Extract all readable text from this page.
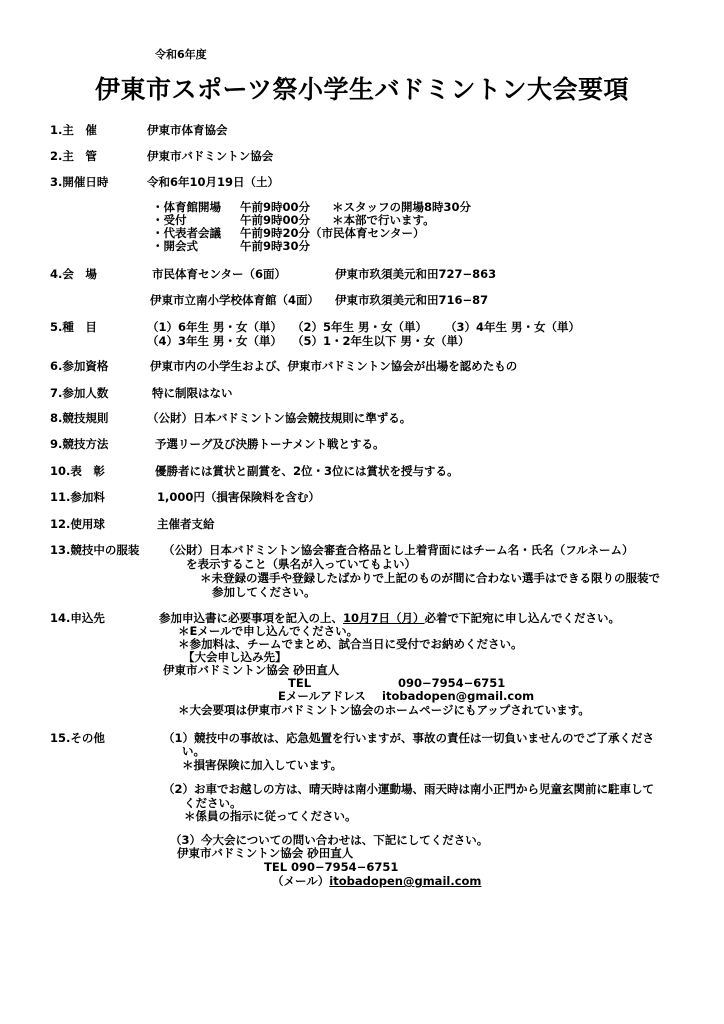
令和6年度
伊東市スポーツ祭小学生バドミントン大会要項
1.主　催	伊東市体育協会
2.主　管	伊東市バドミントン協会
3.開催日時	令和6年10月19日（土）
・体育館開場 午前9時00分 ＊スタッフの開場8時30分
・受付	午前9時00分 ＊本部で行います。
・代表者会議 午前9時20分（市民体育センター）
・開会式	午前9時30分
4.会　場	市民体育センター（6面）	伊東市玖須美元和田727−863
伊東市立南小学校体育館（4面） 伊東市玖須美元和田716−87
5.種　目	（1）6年生 男・女（単） （2）5年生 男・女（単） （3）4年生 男・女（単）
（4）3年生 男・女（単） （5）1・2年生以下 男・女（単）
6.参加資格	伊東市内の小学生および、伊東市バドミントン協会が出場を認めたもの
7.参加人数	特に制限はない
8.競技規則	（公財）日本バドミントン協会競技規則に準ずる。
9.競技方法	予選リーグ及び決勝トーナメント戦とする。
10.表　彰	優勝者には賞状と副賞を、2位・3位には賞状を授与する。
11.参加料	1,000円（損害保険料を含む）
12.使用球	主催者支給
13.競技中の服装 （公財）日本バドミントン協会審査合格品とし上着背面にはチーム名・氏名（フルネーム）
を表示すること（県名が入っていてもよい）
＊未登録の選手や登録したばかりで上記のものが間に合わない選手はできる限りの服装で
参加してください。
14.申込先	参加申込書に必要事項を記入の上、10月7日（月）必着で下記宛に申し込んでください。
＊Eメールで申し込んでください。
＊参加料は、チームでまとめ、試合当日に受付でお納めください。
【大会申し込み先】
伊東市バドミントン協会 砂田直人
TEL	090−7954−6751
Eメールアドレス itobadopen@gmail.com
＊大会要項は伊東市バドミントン協会のホームページにもアップされています。
15.その他	（1）競技中の事故は、応急処置を行いますが、事故の責任は一切負いませんのでご了承くださ
い。
＊損害保険に加入しています。
（2）お車でお越しの方は、晴天時は南小運動場、雨天時は南小正門から児童玄関前に駐車して
ください。
＊係員の指示に従ってください。
（3）今大会についての問い合わせは、下記にしてください。
伊東市バドミントン協会 砂田直人
TEL 090−7954−6751
（メール）itobadopen@gmail.com
